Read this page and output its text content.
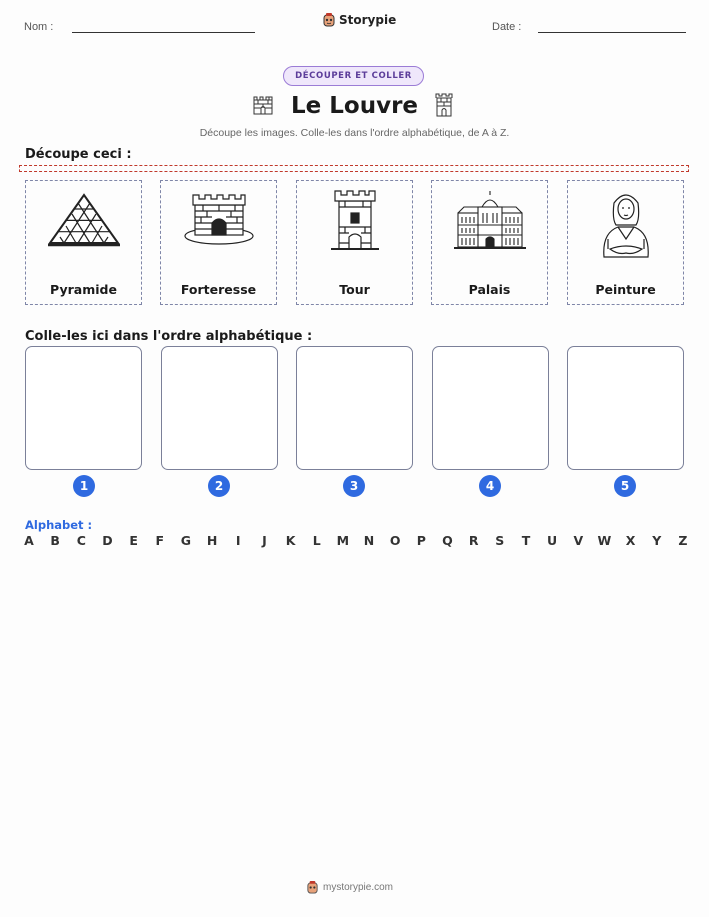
Nom :	Storypie	Date :
DÉCOUPER ET COLLER
Le Louvre
Découpe les images. Colle-les dans l'ordre alphabétique, de A à Z.
Découpe ceci :
Pyramide	Forteresse	Tour	Palais	Peinture
Colle-les ici dans l'ordre alphabétique :
1	2	3	4	5
Alphabet :
A B C D E F G H	I	J	K L M N O P Q R S T U V W X Y Z
mystorypie.com
